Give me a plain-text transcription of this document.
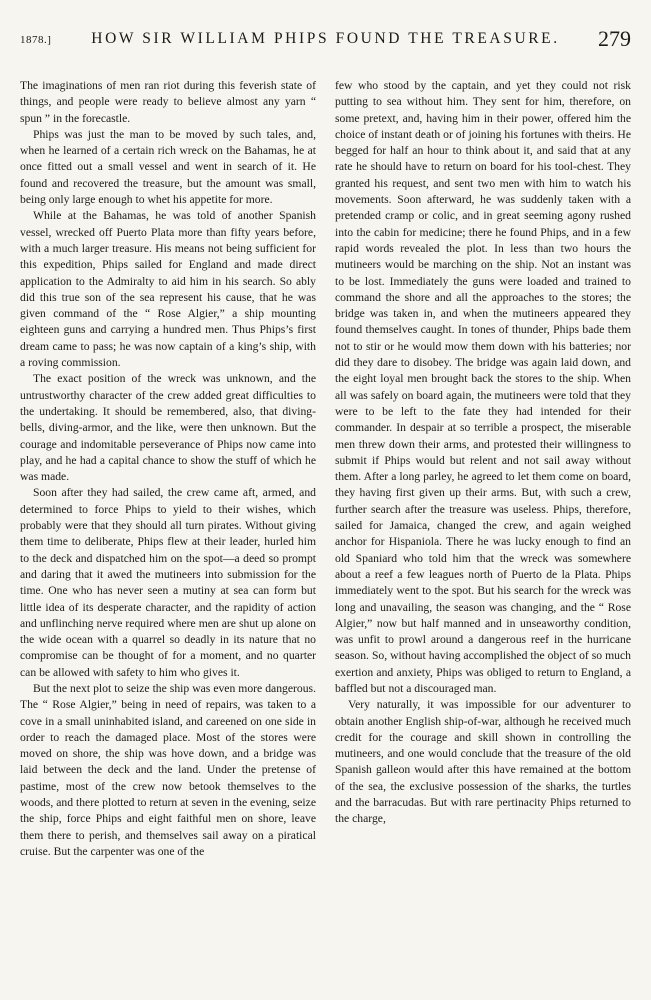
1878.]	HOW SIR WILLIAM PHIPS FOUND THE TREASURE.	279

The imaginations of men ran riot during this feverish state of things, and people were ready to believe almost any yarn “ spun ” in the forecastle.

Phips was just the man to be moved by such tales, and, when he learned of a certain rich wreck on the Bahamas, he at once fitted out a small vessel and went in search of it. He found and recovered the treasure, but the amount was small, being only large enough to whet his appetite for more.

While at the Bahamas, he was told of another Spanish vessel, wrecked off Puerto Plata more than fifty years before, with a much larger treasure. His means not being sufficient for this expedition, Phips sailed for England and made direct application to the Admiralty to aid him in his search. So ably did this true son of the sea represent his cause, that he was given command of the “ Rose Algier,” a ship mounting eighteen guns and carrying a hundred men. Thus Phips’s first dream came to pass; he was now captain of a king’s ship, with a roving commission.

The exact position of the wreck was unknown, and the untrustworthy character of the crew added great difficulties to the undertaking. It should be remembered, also, that diving-bells, diving-armor, and the like, were then unknown. But the courage and indomitable perseverance of Phips now came into play, and he had a capital chance to show the stuff of which he was made.

Soon after they had sailed, the crew came aft, armed, and determined to force Phips to yield to their wishes, which probably were that they should all turn pirates. Without giving them time to deliberate, Phips flew at their leader, hurled him to the deck and dispatched him on the spot—a deed so prompt and daring that it awed the mutineers into submission for the time. One who has never seen a mutiny at sea can form but little idea of its desperate character, and the rapidity of action and unflinching nerve required where men are shut up alone on the wide ocean with a quarrel so deadly in its nature that no compromise can be thought of for a moment, and no quarter can be allowed with safety to him who gives it.

But the next plot to seize the ship was even more dangerous. The “ Rose Algier,” being in need of repairs, was taken to a cove in a small uninhabited island, and careened on one side in order to reach the damaged place. Most of the stores were moved on shore, the ship was hove down, and a bridge was laid between the deck and the land. Under the pretense of pastime, most of the crew now betook themselves to the woods, and there plotted to return at seven in the evening, seize the ship, force Phips and eight faithful men on shore, leave them there to perish, and themselves sail away on a piratical cruise. But the carpenter was one of the

few who stood by the captain, and yet they could not risk putting to sea without him. They sent for him, therefore, on some pretext, and, having him in their power, offered him the choice of instant death or of joining his fortunes with theirs. He begged for half an hour to think about it, and said that at any rate he should have to return on board for his tool-chest. They granted his request, and sent two men with him to watch his movements. Soon afterward, he was suddenly taken with a pretended cramp or colic, and in great seeming agony rushed into the cabin for medicine; there he found Phips, and in a few rapid words revealed the plot. In less than two hours the mutineers would be marching on the ship. Not an instant was to be lost. Immediately the guns were loaded and trained to command the shore and all the approaches to the stores; the bridge was taken in, and when the mutineers appeared they found themselves caught. In tones of thunder, Phips bade them not to stir or he would mow them down with his batteries; nor did they dare to disobey. The bridge was again laid down, and the eight loyal men brought back the stores to the ship. When all was safely on board again, the mutineers were told that they were to be left to the fate they had intended for their commander. In despair at so terrible a prospect, the miserable men threw down their arms, and protested their willingness to submit if Phips would but relent and not sail away without them. After a long parley, he agreed to let them come on board, they having first given up their arms. But, with such a crew, further search after the treasure was useless. Phips, therefore, sailed for Jamaica, changed the crew, and again weighed anchor for Hispaniola. There he was lucky enough to find an old Spaniard who told him that the wreck was somewhere about a reef a few leagues north of Puerto de la Plata. Phips immediately went to the spot. But his search for the wreck was long and unavailing, the season was changing, and the “ Rose Algier,” now but half manned and in unseaworthy condition, was unfit to prowl around a dangerous reef in the hurricane season. So, without having accomplished the object of so much exertion and anxiety, Phips was obliged to return to England, a baffled but not a discouraged man.

Very naturally, it was impossible for our adventurer to obtain another English ship-of-war, although he received much credit for the courage and skill shown in controlling the mutineers, and one would conclude that the treasure of the old Spanish galleon would after this have remained at the bottom of the sea, the exclusive possession of the sharks, the turtles and the barracudas. But with rare pertinacity Phips returned to the charge,
